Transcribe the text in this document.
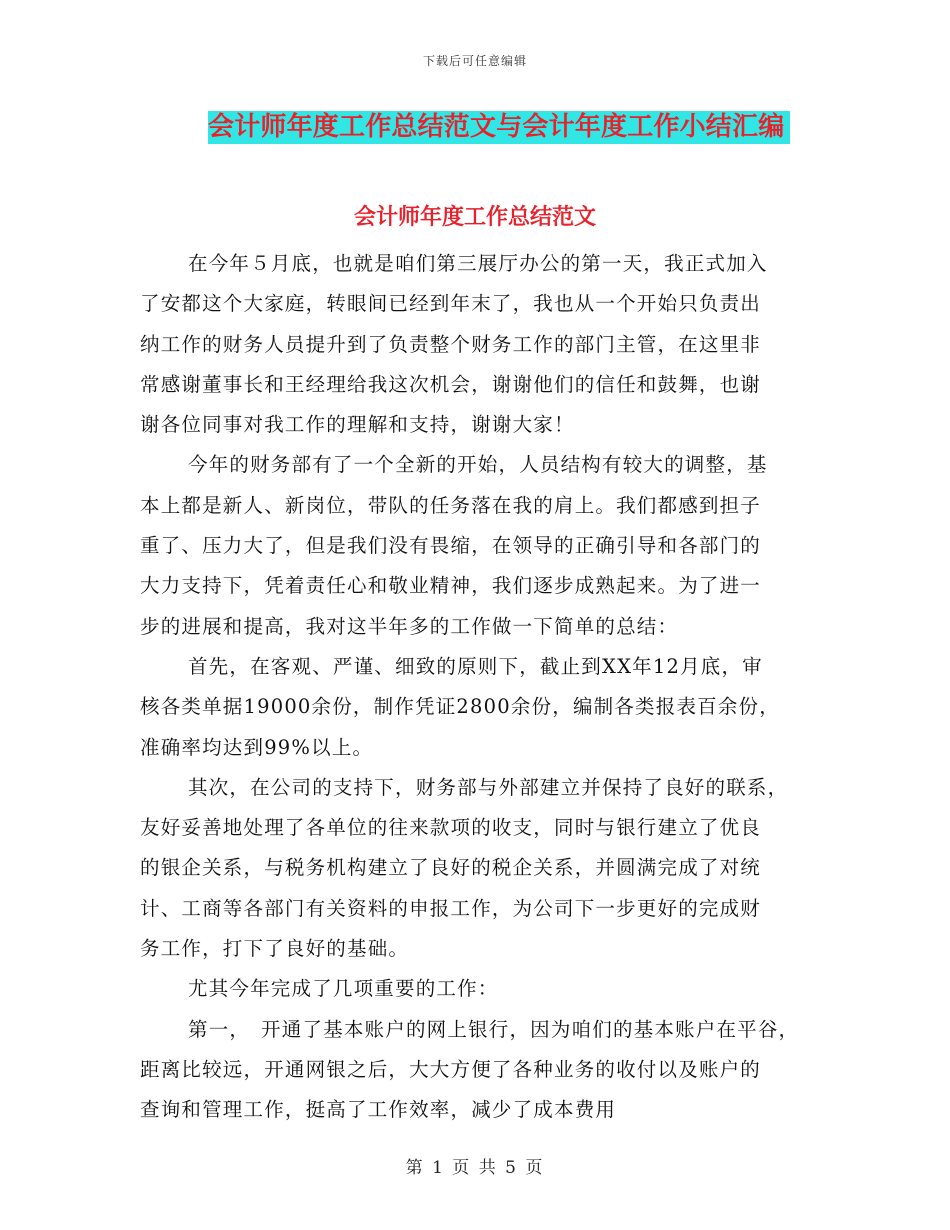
下载后可任意编辑
会计师年度工作总结范文与会计年度工作小结汇编
会计师年度工作总结范文
在今年５月底，也就是咱们第三展厅办公的第一天，我正式加入
了安都这个大家庭，转眼间已经到年末了，我也从一个开始只负责出
纳工作的财务人员提升到了负责整个财务工作的部门主管，在这里非
常感谢董事长和王经理给我这次机会，谢谢他们的信任和鼓舞，也谢
谢各位同事对我工作的理解和支持，谢谢大家！
今年的财务部有了一个全新的开始，人员结构有较大的调整，基
本上都是新人、新岗位，带队的任务落在我的肩上。我们都感到担子
重了、压力大了，但是我们没有畏缩，在领导的正确引导和各部门的
大力支持下，凭着责任心和敬业精神，我们逐步成熟起来。为了进一
步的进展和提高，我对这半年多的工作做一下简单的总结：
首先，在客观、严谨、细致的原则下，截止到XX年12月底，审
核各类单据19000余份，制作凭证2800余份，编制各类报表百余份，
准确率均达到99%以上。
其次，在公司的支持下，财务部与外部建立并保持了良好的联系，
友好妥善地处理了各单位的往来款项的收支，同时与银行建立了优良
的银企关系，与税务机构建立了良好的税企关系，并圆满完成了对统
计、工商等各部门有关资料的申报工作，为公司下一步更好的完成财
务工作，打下了良好的基础。
尤其今年完成了几项重要的工作：
第一，　开通了基本账户的网上银行，因为咱们的基本账户在平谷，
距离比较远，开通网银之后，大大方便了各种业务的收付以及账户的
查询和管理工作，挺高了工作效率，减少了成本费用
第 1 页 共 5 页
